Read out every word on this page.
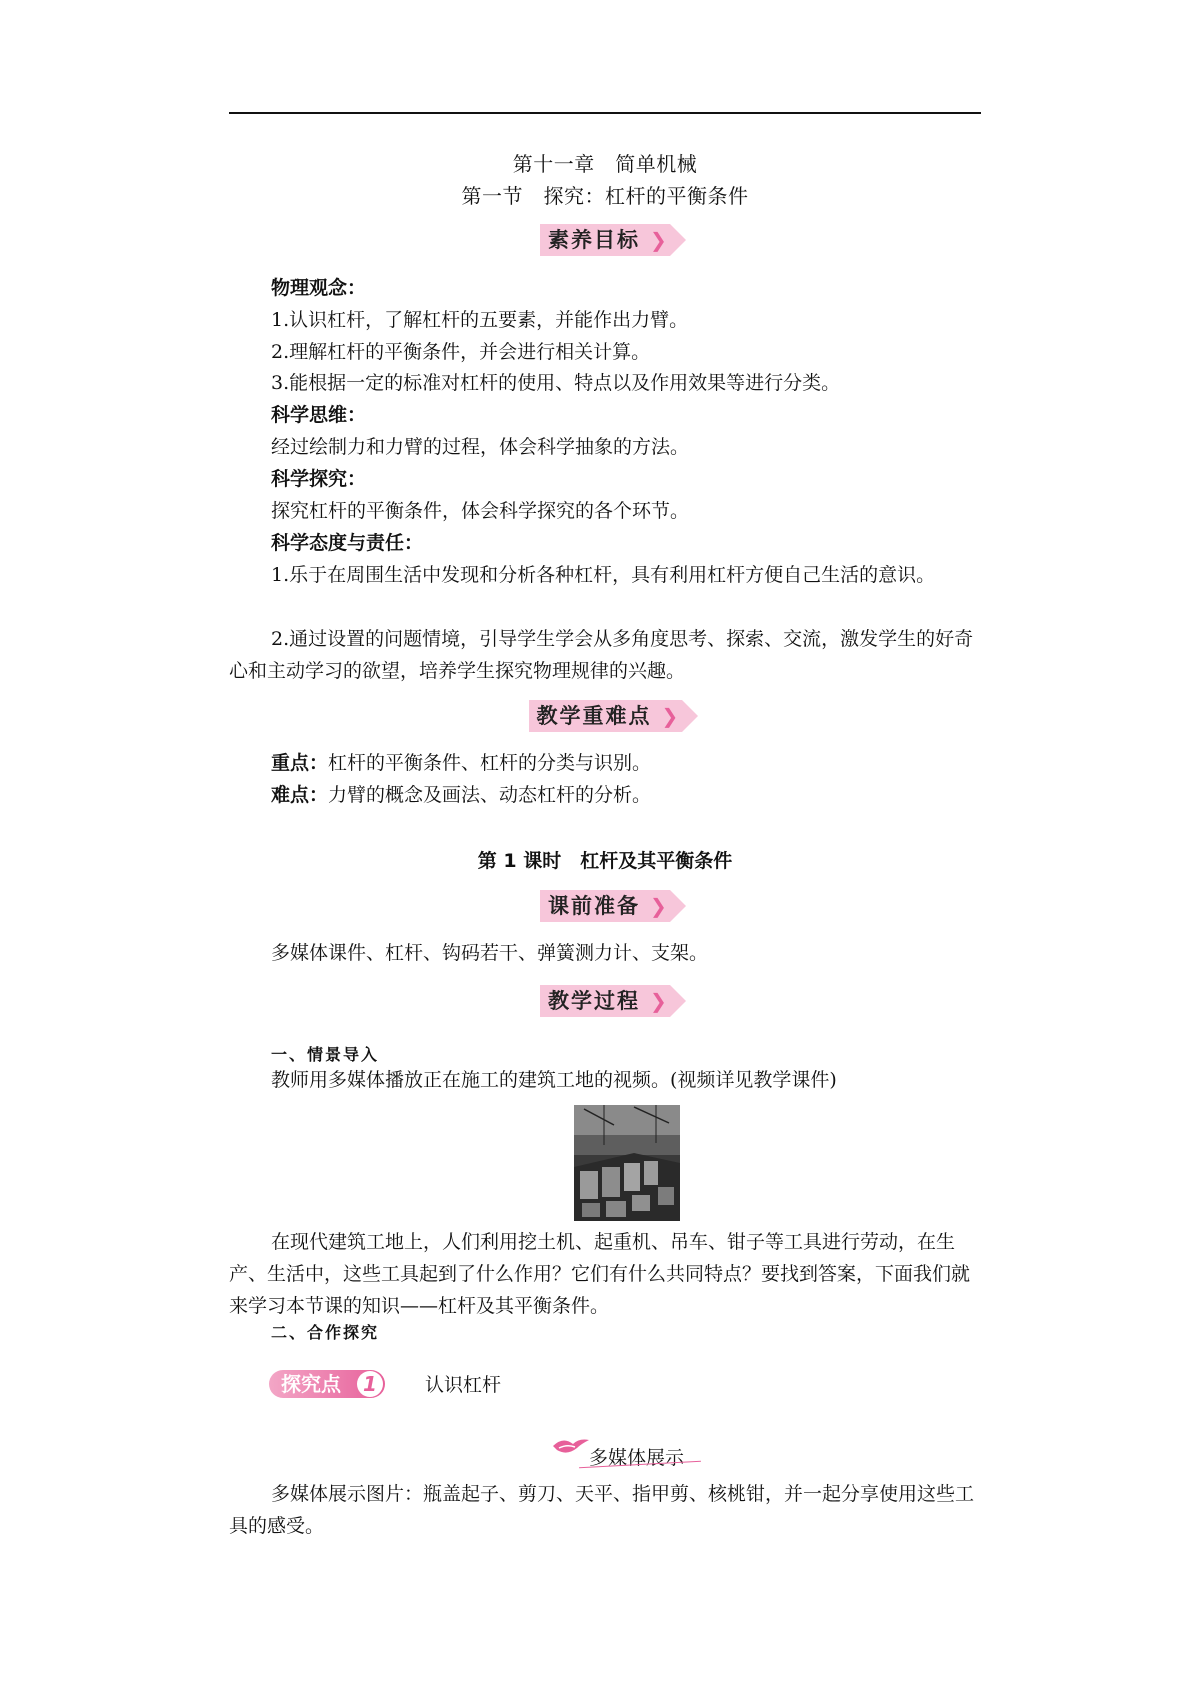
第十一章　简单机械
第一节　探究：杠杆的平衡条件
素养目标 ❯
物理观念：
1.认识杠杆，了解杠杆的五要素，并能作出力臂。
2.理解杠杆的平衡条件，并会进行相关计算。
3.能根据一定的标准对杠杆的使用、特点以及作用效果等进行分类。
科学思维：
经过绘制力和力臂的过程，体会科学抽象的方法。
科学探究：
探究杠杆的平衡条件，体会科学探究的各个环节。
科学态度与责任：
1.乐于在周围生活中发现和分析各种杠杆，具有利用杠杆方便自己生活的意识。
2.通过设置的问题情境，引导学生学会从多角度思考、探索、交流，激发学生的好奇心和主动学习的欲望，培养学生探究物理规律的兴趣。
教学重难点 ❯
重点：杠杆的平衡条件、杠杆的分类与识别。
难点：力臂的概念及画法、动态杠杆的分析。
第 1 课时　杠杆及其平衡条件
课前准备 ❯
多媒体课件、杠杆、钩码若干、弹簧测力计、支架。
教学过程 ❯
一、情景导入
教师用多媒体播放正在施工的建筑工地的视频。(视频详见教学课件)
在现代建筑工地上，人们利用挖土机、起重机、吊车、钳子等工具进行劳动，在生产、生活中，这些工具起到了什么作用？它们有什么共同特点？要找到答案，下面我们就来学习本节课的知识——杠杆及其平衡条件。
二、合作探究
探究点	1	认识杠杆
多媒体展示
多媒体展示图片：瓶盖起子、剪刀、天平、指甲剪、核桃钳，并一起分享使用这些工具的感受。
